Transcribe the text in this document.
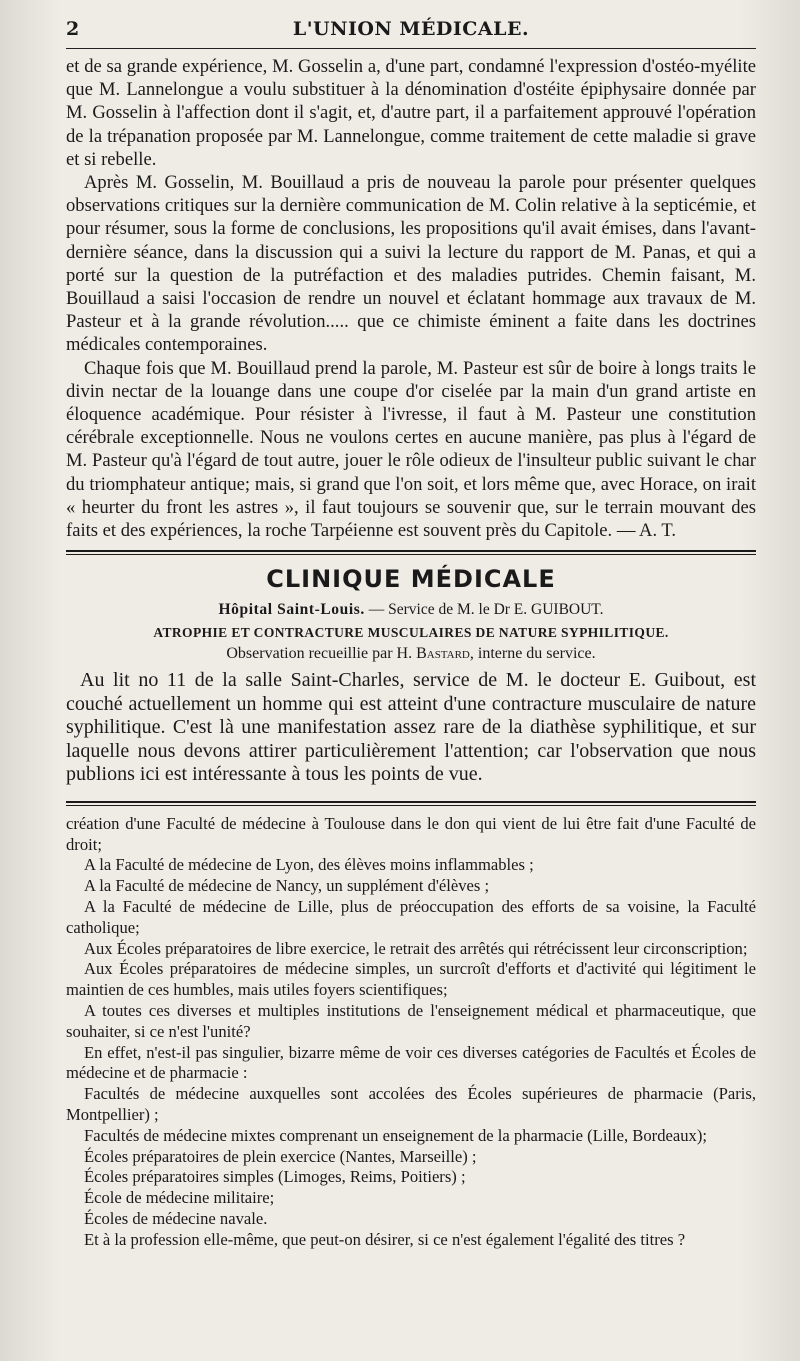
2	L'UNION MÉDICALE.

et de sa grande expérience, M. Gosselin a, d'une part, condamné l'expression d'ostéo-myélite que M. Lannelongue a voulu substituer à la dénomination d'ostéite épiphysaire donnée par M. Gosselin à l'affection dont il s'agit, et, d'autre part, il a parfaitement approuvé l'opération de la trépanation proposée par M. Lannelongue, comme traitement de cette maladie si grave et si rebelle.

Après M. Gosselin, M. Bouillaud a pris de nouveau la parole pour présenter quelques observations critiques sur la dernière communication de M. Colin relative à la septicémie, et pour résumer, sous la forme de conclusions, les propositions qu'il avait émises, dans l'avant-dernière séance, dans la discussion qui a suivi la lecture du rapport de M. Panas, et qui a porté sur la question de la putréfaction et des maladies putrides. Chemin faisant, M. Bouillaud a saisi l'occasion de rendre un nouvel et éclatant hommage aux travaux de M. Pasteur et à la grande révolution..... que ce chimiste éminent a faite dans les doctrines médicales contemporaines.

Chaque fois que M. Bouillaud prend la parole, M. Pasteur est sûr de boire à longs traits le divin nectar de la louange dans une coupe d'or ciselée par la main d'un grand artiste en éloquence académique. Pour résister à l'ivresse, il faut à M. Pasteur une constitution cérébrale exceptionnelle. Nous ne voulons certes en aucune manière, pas plus à l'égard de M. Pasteur qu'à l'égard de tout autre, jouer le rôle odieux de l'insulteur public suivant le char du triomphateur antique; mais, si grand que l'on soit, et lors même que, avec Horace, on irait « heurter du front les astres », il faut toujours se souvenir que, sur le terrain mouvant des faits et des expériences, la roche Tarpéienne est souvent près du Capitole. — A. T.

CLINIQUE MÉDICALE
Hôpital Saint-Louis. — Service de M. le Dr E. GUIBOUT.
ATROPHIE ET CONTRACTURE MUSCULAIRES DE NATURE SYPHILITIQUE.
Observation recueillie par H. Bastard, interne du service.

Au lit no 11 de la salle Saint-Charles, service de M. le docteur E. Guibout, est couché actuellement un homme qui est atteint d'une contracture musculaire de nature syphilitique. C'est là une manifestation assez rare de la diathèse syphilitique, et sur laquelle nous devons attirer particulièrement l'attention; car l'observation que nous publions ici est intéressante à tous les points de vue.

création d'une Faculté de médecine à Toulouse dans le don qui vient de lui être fait d'une Faculté de droit;

A la Faculté de médecine de Lyon, des élèves moins inflammables ;

A la Faculté de médecine de Nancy, un supplément d'élèves ;

A la Faculté de médecine de Lille, plus de préoccupation des efforts de sa voisine, la Faculté catholique;

Aux Écoles préparatoires de libre exercice, le retrait des arrêtés qui rétrécissent leur circonscription;

Aux Écoles préparatoires de médecine simples, un surcroît d'efforts et d'activité qui légitiment le maintien de ces humbles, mais utiles foyers scientifiques;

A toutes ces diverses et multiples institutions de l'enseignement médical et pharmaceutique, que souhaiter, si ce n'est l'unité?

En effet, n'est-il pas singulier, bizarre même de voir ces diverses catégories de Facultés et Écoles de médecine et de pharmacie :

Facultés de médecine auxquelles sont accolées des Écoles supérieures de pharmacie (Paris, Montpellier) ;

Facultés de médecine mixtes comprenant un enseignement de la pharmacie (Lille, Bordeaux);

Écoles préparatoires de plein exercice (Nantes, Marseille) ;

Écoles préparatoires simples (Limoges, Reims, Poitiers) ;

École de médecine militaire;

Écoles de médecine navale.

Et à la profession elle-même, que peut-on désirer, si ce n'est également l'égalité des titres ?
